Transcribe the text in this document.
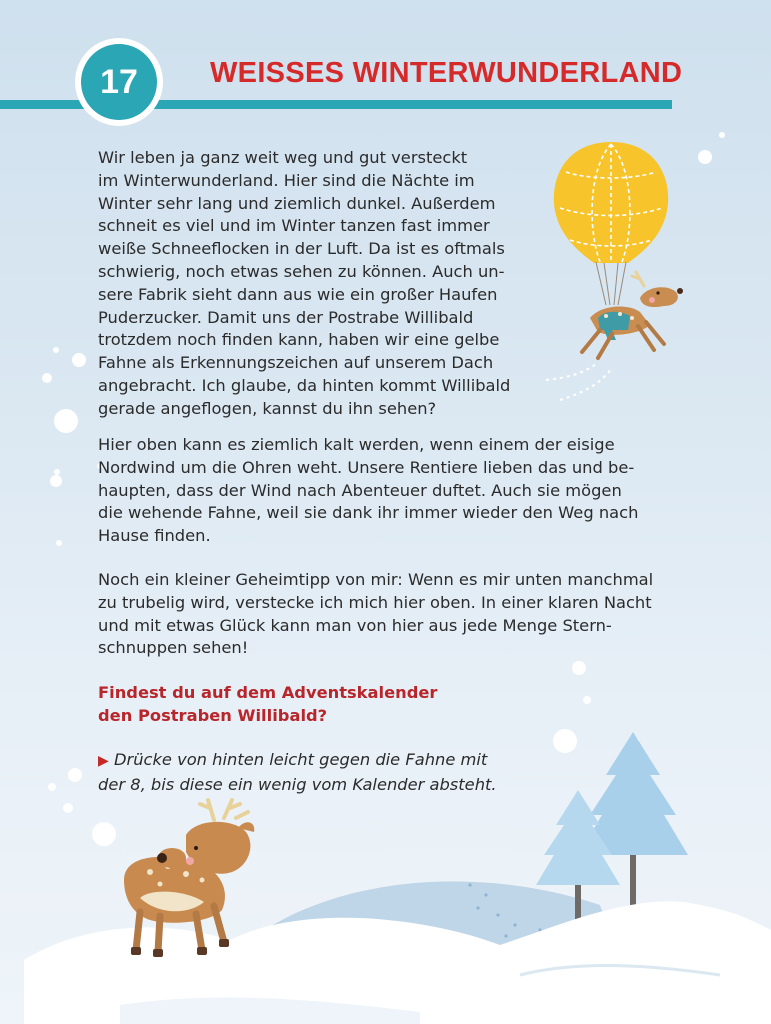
17	WEISSES WINTERWUNDERLAND
Wir leben ja ganz weit weg und gut versteckt
im Winterwunderland. Hier sind die Nächte im
Winter sehr lang und ziemlich dunkel. Außerdem
schneit es viel und im Winter tanzen fast immer
weiße Schneeflocken in der Luft. Da ist es oftmals
schwierig, noch etwas sehen zu können. Auch un-
sere Fabrik sieht dann aus wie ein großer Haufen
Puderzucker. Damit uns der Postrabe Willibald
trotzdem noch finden kann, haben wir eine gelbe
Fahne als Erkennungszeichen auf unserem Dach
angebracht. Ich glaube, da hinten kommt Willibald
gerade angeflogen, kannst du ihn sehen?
Hier oben kann es ziemlich kalt werden, wenn einem der eisige
Nordwind um die Ohren weht. Unsere Rentiere lieben das und be-
haupten, dass der Wind nach Abenteuer duftet. Auch sie mögen
die wehende Fahne, weil sie dank ihr immer wieder den Weg nach
Hause finden.
Noch ein kleiner Geheimtipp von mir: Wenn es mir unten manchmal
zu trubelig wird, verstecke ich mich hier oben. In einer klaren Nacht
und mit etwas Glück kann man von hier aus jede Menge Stern-
schnuppen sehen!
Findest du auf dem Adventskalender
den Postraben Willibald?
▶ Drücke von hinten leicht gegen die Fahne mit
der 8, bis diese ein wenig vom Kalender absteht.
